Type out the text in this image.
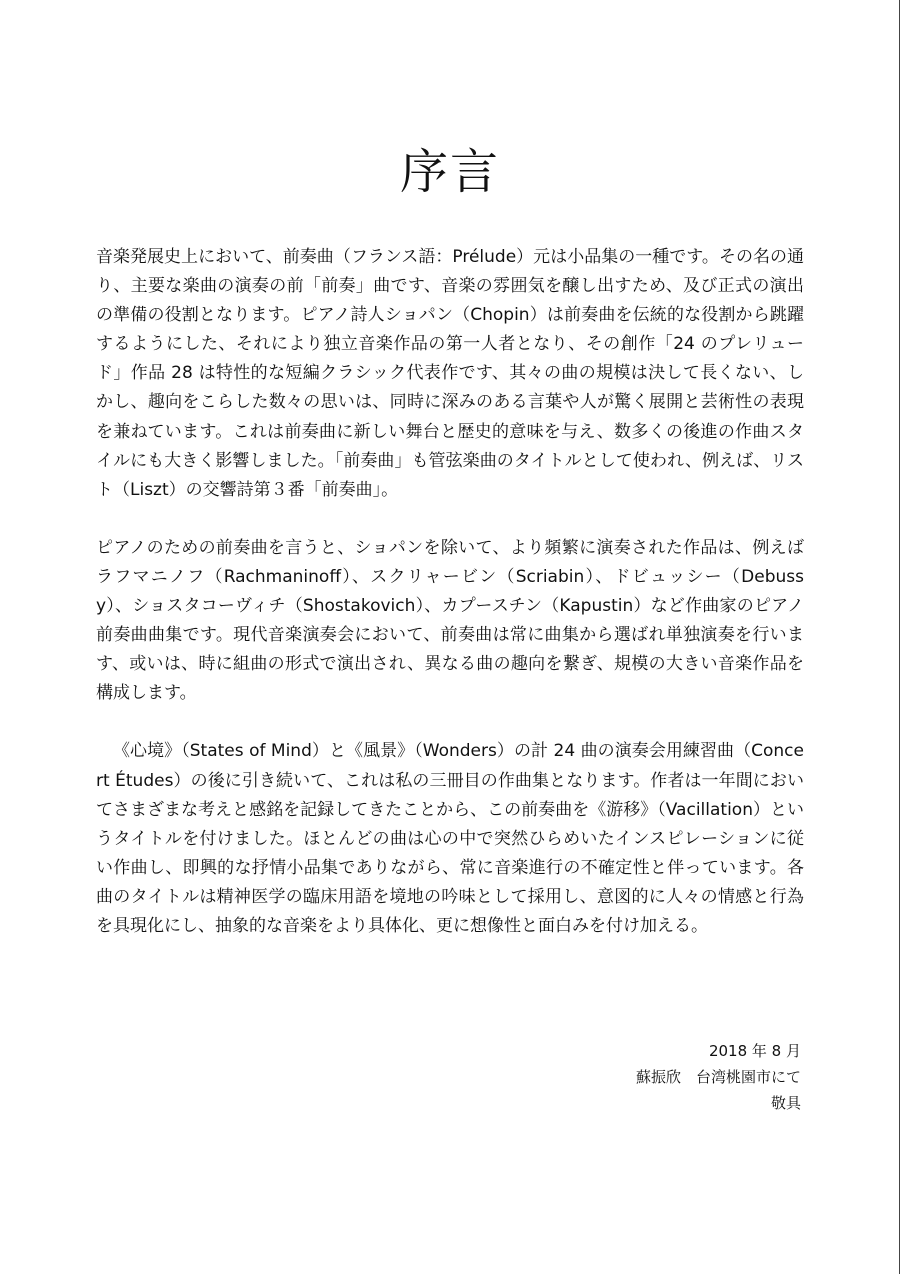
序言

音楽発展史上において、前奏曲（フランス語：Prélude）元は小品集の一種です。その名の通り、主要な楽曲の演奏の前「前奏」曲です、音楽の雰囲気を醸し出すため、及び正式の演出の準備の役割となります。ピアノ詩人ショパン（Chopin）は前奏曲を伝統的な役割から跳躍するようにした、それにより独立音楽作品の第一人者となり、その創作「24 のプレリュード」作品 28 は特性的な短編クラシック代表作です、其々の曲の規模は決して長くない、しかし、趣向をこらした数々の思いは、同時に深みのある言葉や人が驚く展開と芸術性の表現を兼ねています。これは前奏曲に新しい舞台と歴史的意味を与え、数多くの後進の作曲スタイルにも大きく影響しました。「前奏曲」も管弦楽曲のタイトルとして使われ、例えば、リスト（Liszt）の交響詩第３番「前奏曲」。

ピアノのための前奏曲を言うと、ショパンを除いて、より頻繁に演奏された作品は、例えばラフマニノフ（Rachmaninoff）、スクリャービン（Scriabin）、ドビュッシー（Debussy）、ショスタコーヴィチ（Shostakovich）、カプースチン（Kapustin）など作曲家のピアノ前奏曲曲集です。現代音楽演奏会において、前奏曲は常に曲集から選ばれ単独演奏を行います、或いは、時に組曲の形式で演出され、異なる曲の趣向を繋ぎ、規模の大きい音楽作品を構成します。

《心境》（States of Mind）と《風景》（Wonders）の計 24 曲の演奏会用練習曲（Concert Études）の後に引き続いて、これは私の三冊目の作曲集となります。作者は一年間においてさまざまな考えと感銘を記録してきたことから、この前奏曲を《游移》（Vacillation）というタイトルを付けました。ほとんどの曲は心の中で突然ひらめいたインスピレーションに従い作曲し、即興的な抒情小品集でありながら、常に音楽進行の不確定性と伴っています。各曲のタイトルは精神医学の臨床用語を境地の吟味として採用し、意図的に人々の情感と行為を具現化にし、抽象的な音楽をより具体化、更に想像性と面白みを付け加える。

2018 年 8 月
蘇振欣　台湾桃園市にて
敬具
